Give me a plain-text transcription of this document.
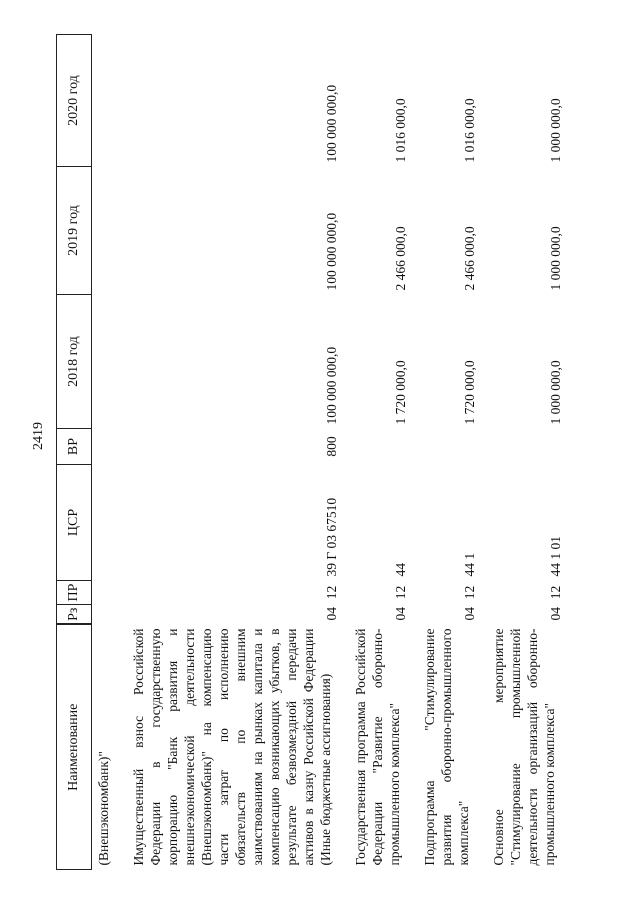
2419
Наименование	Рз	ПР	ЦСР	ВР	2018 год	2019 год	2020 год
(Внешэкономбанк)"							
Имущественный взнос Российской Федерации в государственную корпорацию "Банк развития и внешнеэкономической деятельности (Внешэкономбанк)" на компенсацию части затрат по исполнению обязательств по внешним заимствованиям на рынках капитала и компенсацию возникающих убытков, в результате безвозмездной передачи активов в казну Российской Федерации (Иные бюджетные ассигнования)	04	12	39 Г 03 67510	800	100 000 000,0	100 000 000,0	100 000 000,0
Государственная программа Российской Федерации "Развитие оборонно-промышленного комплекса"	04	12	44		1 720 000,0	2 466 000,0	1 016 000,0
Подпрограмма "Стимулирование развития оборонно-промышленного комплекса"	04	12	44 1		1 720 000,0	2 466 000,0	1 016 000,0
Основное мероприятие "Стимулирование промышленной деятельности организаций оборонно-промышленного комплекса"	04	12	44 1 01		1 000 000,0	1 000 000,0	1 000 000,0
